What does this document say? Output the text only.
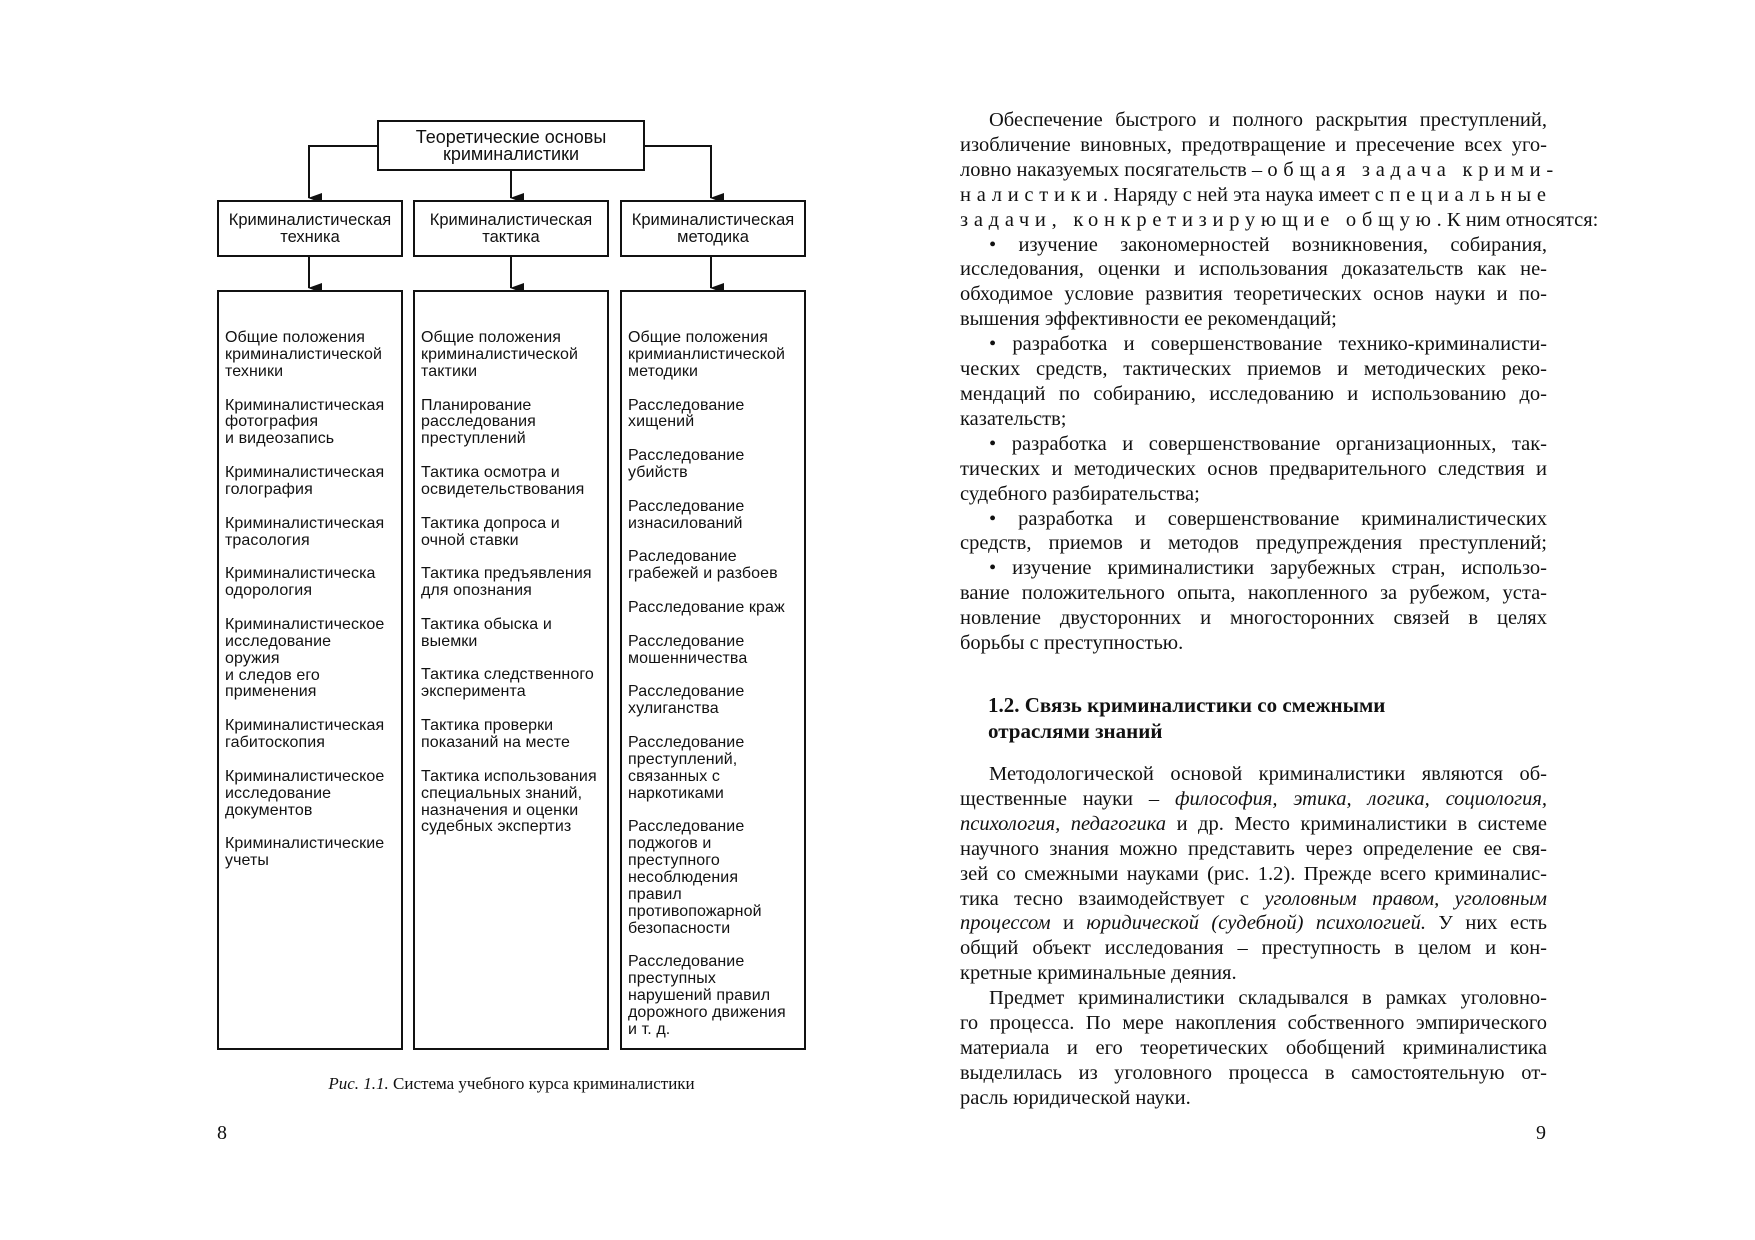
Теоретические основы
криминалистики
Криминалистическая
техника
Криминалистическая
тактика
Криминалистическая
методика
Общие положения
криминалистической
техники
Криминалистическая
фотография
и видеозапись
Криминалистическая
голография
Криминалистическая
трасология
Криминалистическа
одорология
Криминалистическое
исследование
оружия
и следов его
применения
Криминалистическая
габитоскопия
Криминалистическое
исследование
документов
Криминалистические
учеты
Общие положения
криминалистической
тактики
Планирование
расследования
преступлений
Тактика осмотра и
освидетельствования
Тактика допроса и
очной ставки
Тактика предъявления
для опознания
Тактика обыска и
выемки
Тактика следственного
эксперимента
Тактика проверки
показаний на месте
Тактика использования
специальных знаний,
назначения и оценки
судебных экспертиз
Общие положения
кримианлистической
методики
Расследование
хищений
Расследование
убийств
Расследование
изнасилований
Рaследование
грабежей и разбоев
Расследование краж
Расследование
мошенничества
Расследование
хулиганства
Расследование
преступлений,
связанных с
наркотиками
Расследование
поджогов и
преступного
несоблюдения
правил
противопожарной
безопасности
Расследование
преступных
нарушений правил
дорожного движения
и т. д.
Рис. 1.1. Система учебного курса криминалистики
8
Обеспечение быстрого и полного раскрытия преступлений,
изобличение виновных, предотвращение и пресечение всех уго-
ловно наказуемых посягательств – общая задача крими-
налистики. Наряду с ней эта наука имеет специальные
задачи, конкретизирующие общую. К ним относятся:
• изучение закономерностей возникновения, собирания,
исследования, оценки и использования доказательств как не-
обходимое условие развития теоретических основ науки и по-
вышения эффективности ее рекомендаций;
• разработка и совершенствование технико-криминалисти-
ческих средств, тактических приемов и методических реко-
мендаций по собиранию, исследованию и использованию до-
казательств;
• разработка и совершенствование организационных, так-
тических и методических основ предварительного следствия и
судебного разбирательства;
• разработка и совершенствование криминалистических
средств, приемов и методов предупреждения преступлений;
• изучение криминалистики зарубежных стран, использо-
вание положительного опыта, накопленного за рубежом, уста-
новление двусторонних и многосторонних связей в целях
борьбы с преступностью.
1.2. Связь криминалистики со смежными
отраслями знаний
Методологической основой криминалистики являются об-
щественные науки – философия, этика, логика, социология,
психология, педагогика и др. Место криминалистики в системе
научного знания можно представить через определение ее свя-
зей со смежными науками (рис. 1.2). Прежде всего криминалис-
тика тесно взаимодействует с уголовным правом, уголовным
процессом и юридической (судебной) психологией. У них есть
общий объект исследования – преступность в целом и кон-
кретные криминальные деяния.
Предмет криминалистики складывался в рамках уголовно-
го процесса. По мере накопления собственного эмпирического
материала и его теоретических обобщений криминалистика
выделилась из уголовного процесса в самостоятельную от-
расль юридической науки.
9
